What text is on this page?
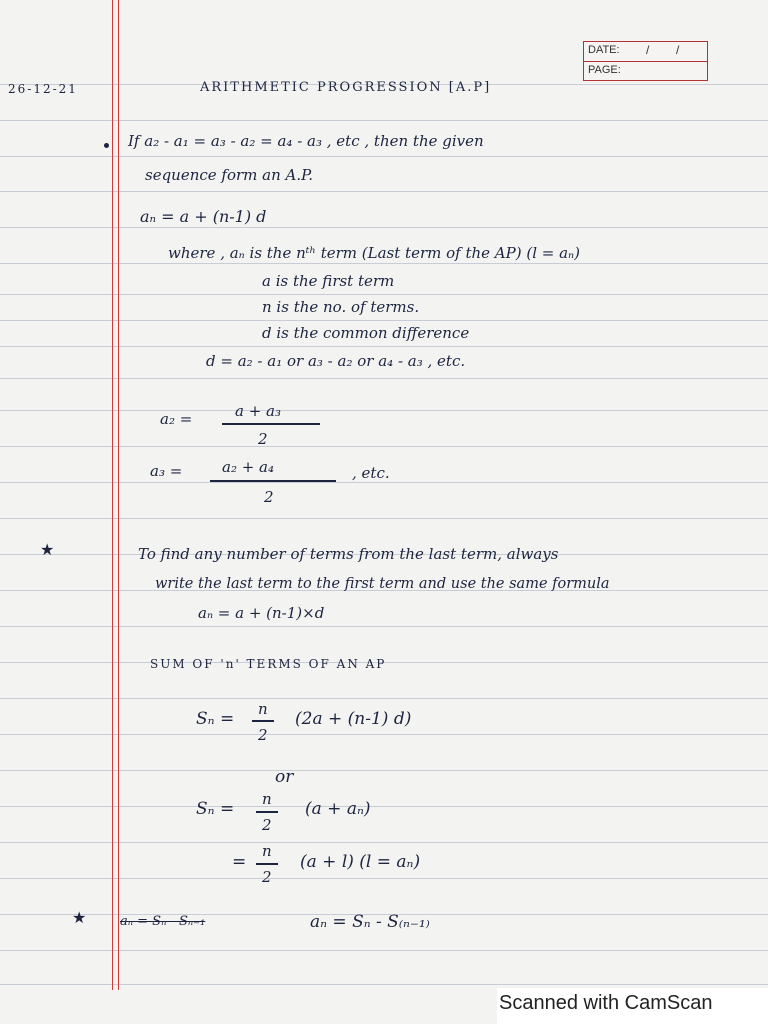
DATE: / /
PAGE:
26-12-21	ARITHMETIC PROGRESSION [A.P]
If a₂ - a₁ = a₃ - a₂ = a₄ - a₃ , etc , then the given
sequence form an A.P.
aₙ = a + (n-1) d
where , aₙ is the nᵗʰ term (Last term of the AP) (l = aₙ)
a is the first term
n is the no. of terms.
d is the common difference
d = a₂ - a₁ or a₃ - a₂ or a₄ - a₃ , etc.
a₂ =	a + a₃
2
a₃ =	a₂ + a₄
2
, etc.
★	To find any number of terms from the last term, always
write the last term to the first term and use the same formula
aₙ = a + (n-1)×d
SUM OF 'n' TERMS OF AN AP
Sₙ = n
2
(2a + (n-1) d)
or
Sₙ = n
2
(a + aₙ)
=
n
2
(a + l) (l = aₙ)
★	aₙ = Sₙ - Sₙ₋₁	aₙ = Sₙ - S₍ₙ₋₁₎
Scanned with CamScan
